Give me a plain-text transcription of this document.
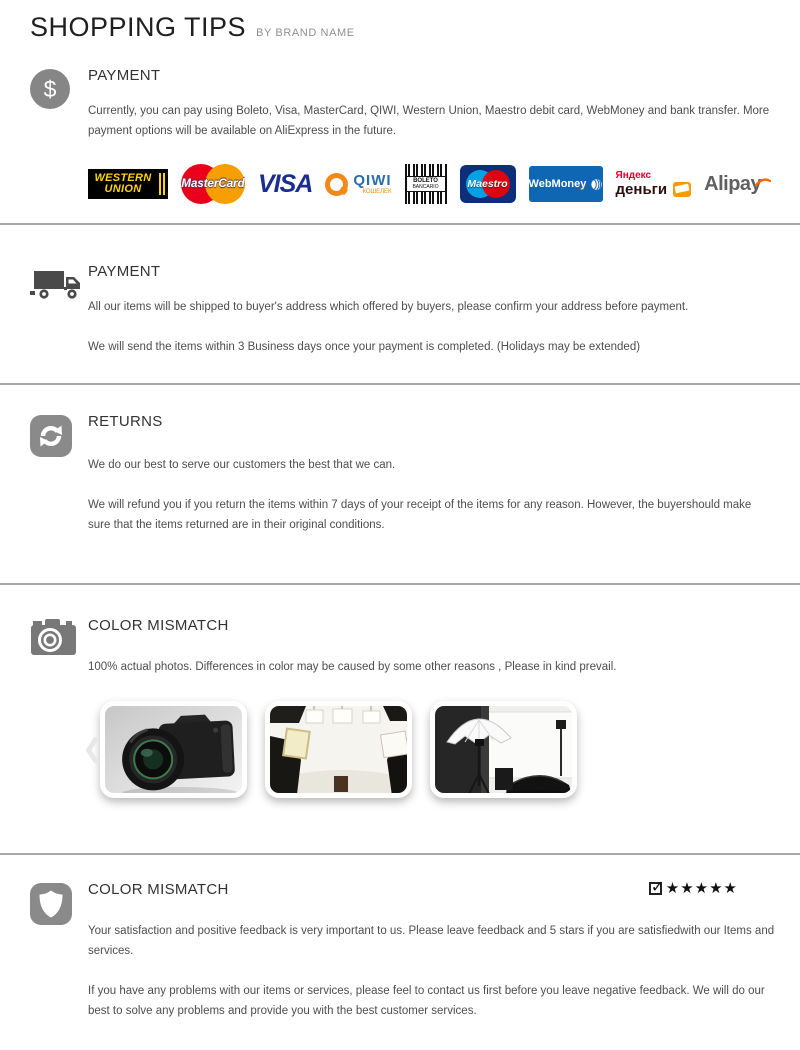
SHOPPING TIPS BY BRAND NAME
$ PAYMENT

Currently, you can pay using Boleto, Visa, MasterCard, QIWI, Western Union, Maestro debit card, WebMoney and bank transfer. More payment options will be available on AliExpress in the future.

WESTERN
UNION	MasterCard VISA	QIWI
КОШЕЛЕК
BOLETO
BANCARIO	Maestro WebMoney
Яндекс
деньги Alipay
PAYMENT

All our items will be shipped to buyer's address which offered by buyers, please confirm your address before payment.

We will send the items within 3 Business days once your payment is completed. (Holidays may be extended)

RETURNS

We do our best to serve our customers the best that we can.

We will refund you if you return the items within 7 days of your receipt of the items for any reason. However, the buyershould make sure that the items returned are in their original conditions.

COLOR MISMATCH

100% actual photos. Differences in color may be caused by some other reasons , Please in kind prevail.

❮
COLOR MISMATCH	✓ ★★★★★

Your satisfaction and positive feedback is very important to us. Please leave feedback and 5 stars if you are satisfiedwith our Items and services.

If you have any problems with our items or services, please feel to contact us first before you leave negative feedback. We will do our best to solve any problems and provide you with the best customer services.
